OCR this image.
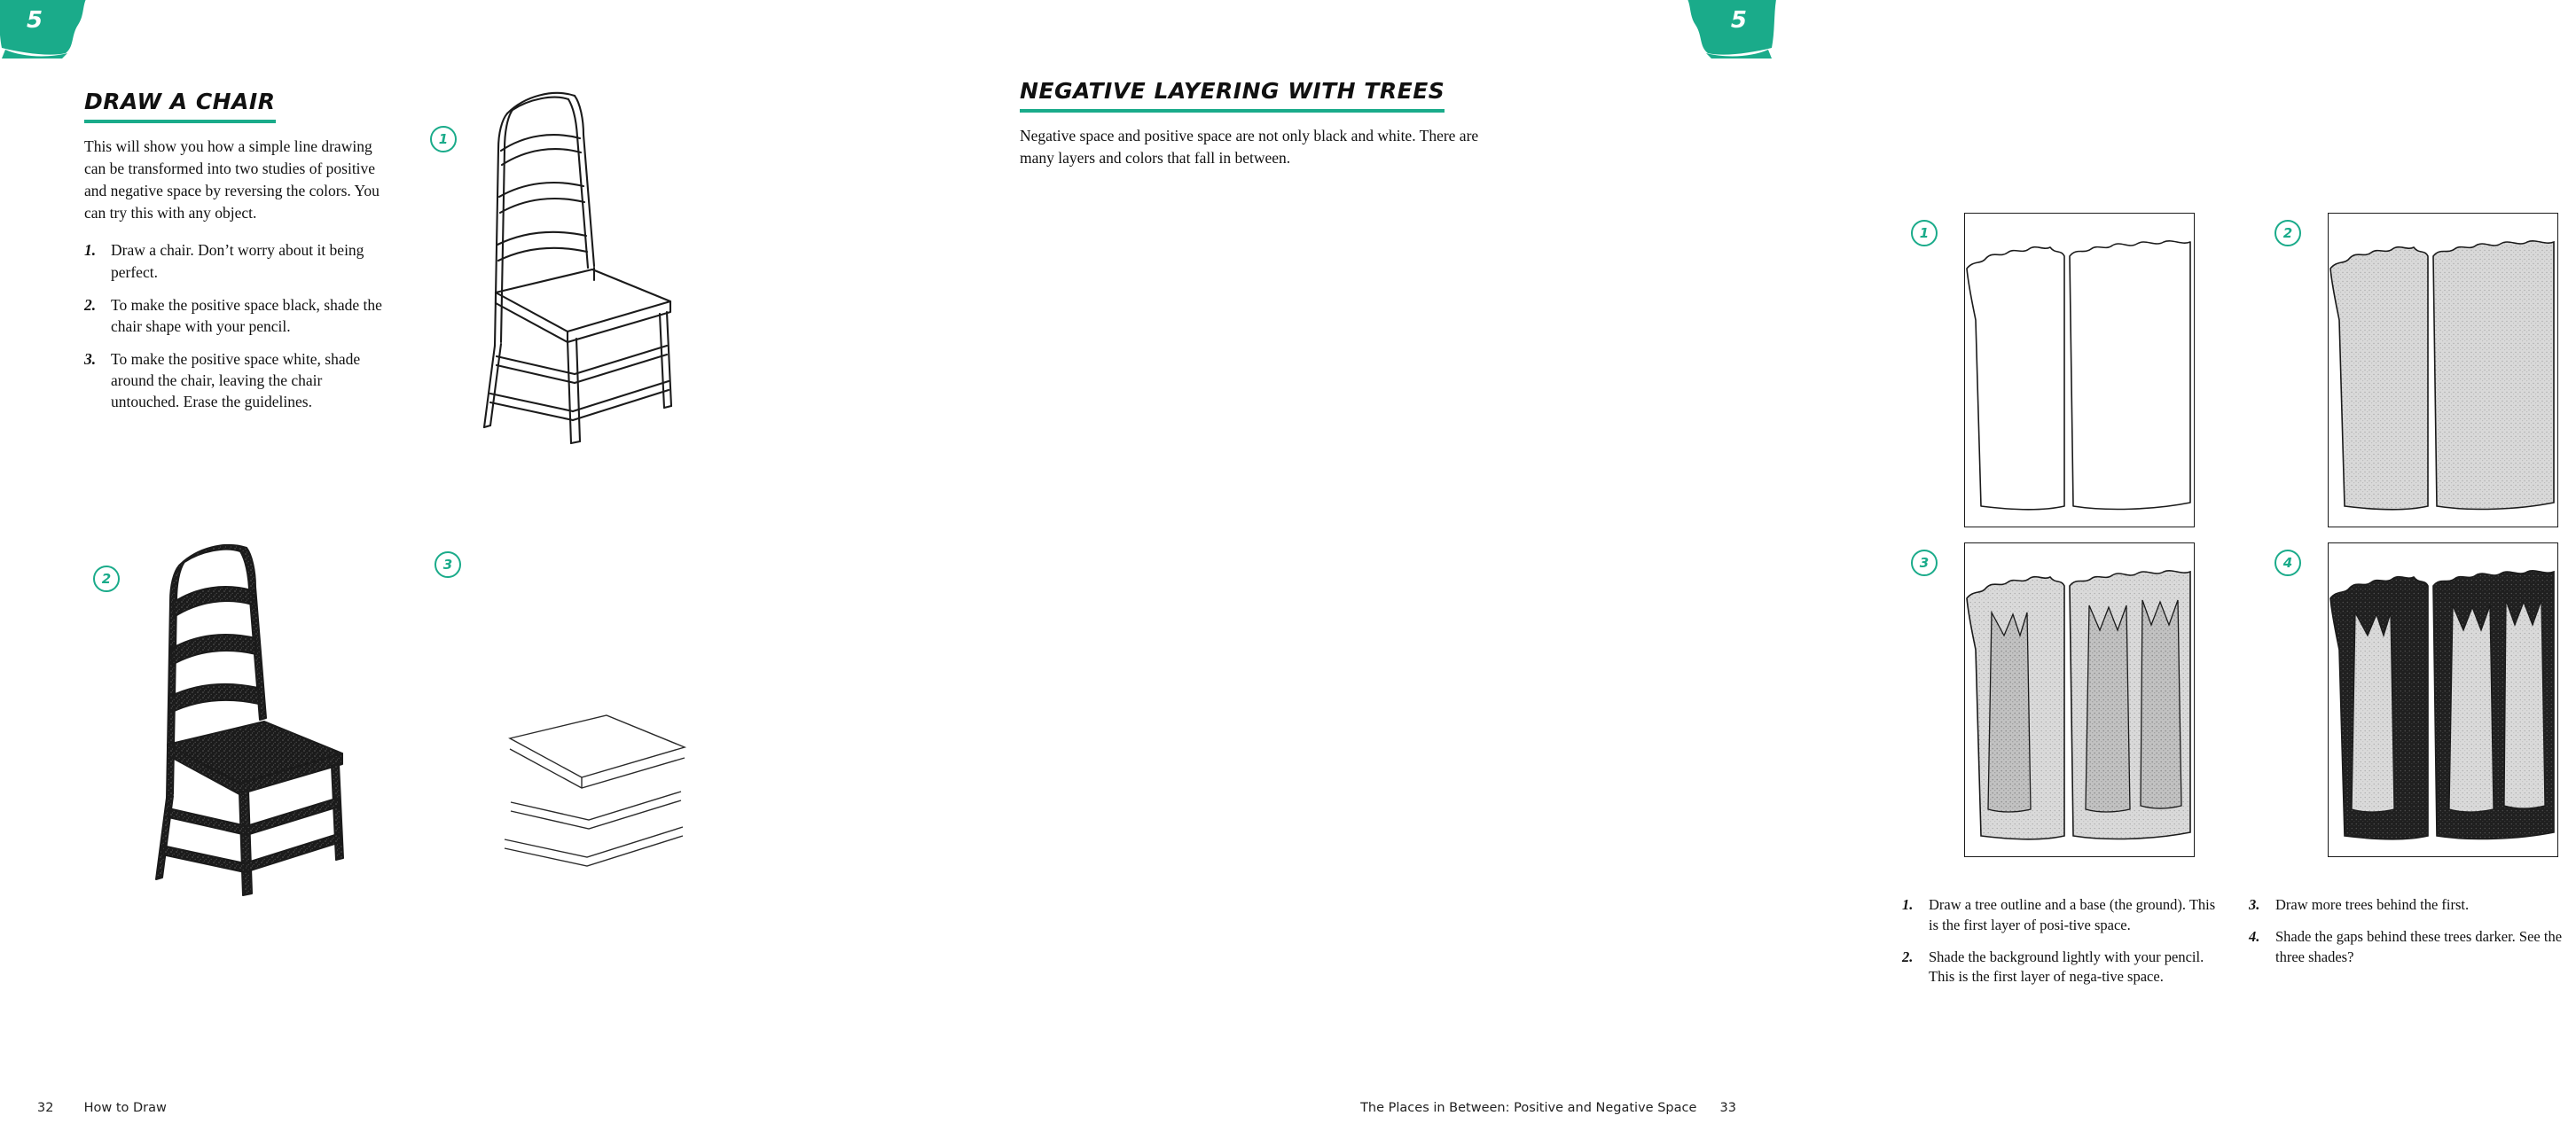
5	5
DRAW A CHAIR

This will show you how a simple line drawing can be transformed into two studies of positive and negative space by reversing the colors. You can try this with any object.

1. Draw a chair. Don’t worry about it being perfect.
2. To make the positive space black, shade the chair shape with your pencil.
3. To make the positive space white, shade around the chair, leaving the chair untouched. Erase the guidelines.
1
2
3
32 How to Draw
NEGATIVE LAYERING WITH TREES

Negative space and positive space are not only black and white. There are many layers and colors that fall in between.

1	2
3	4
1. Draw a tree outline and a base (the ground). This is the first layer of posi-tive space.
2. Shade the background lightly with your pencil. This is the first layer of nega-tive space.
3. Draw more trees behind the first.
4. Shade the gaps behind these trees darker. See the three shades?
The Places in Between: Positive and Negative Space 33
